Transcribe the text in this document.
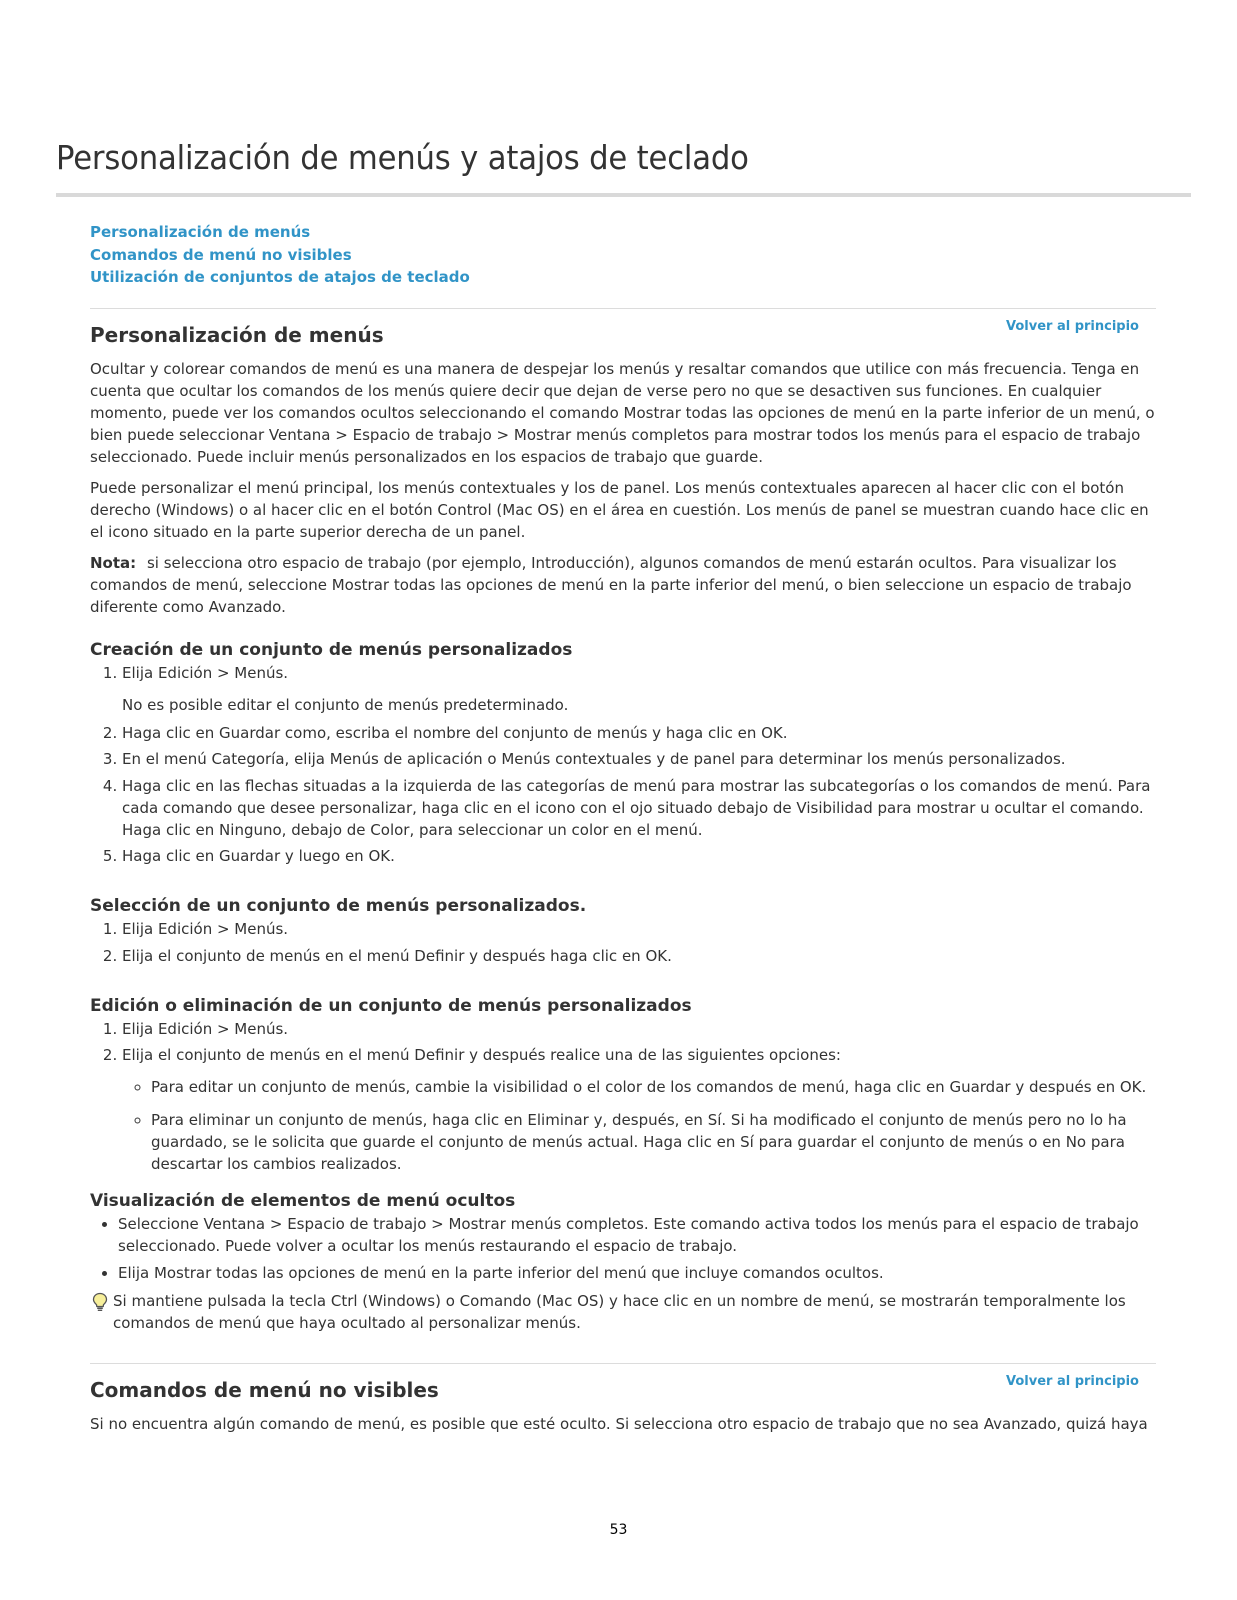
Personalización de menús y atajos de teclado
Personalización de menús
Comandos de menú no visibles
Utilización de conjuntos de atajos de teclado
Volver al principio
Personalización de menús

Ocultar y colorear comandos de menú es una manera de despejar los menús y resaltar comandos que utilice con más frecuencia. Tenga en cuenta que ocultar los comandos de los menús quiere decir que dejan de verse pero no que se desactiven sus funciones. En cualquier momento, puede ver los comandos ocultos seleccionando el comando Mostrar todas las opciones de menú en la parte inferior de un menú, o bien puede seleccionar Ventana > Espacio de trabajo > Mostrar menús completos para mostrar todos los menús para el espacio de trabajo seleccionado. Puede incluir menús personalizados en los espacios de trabajo que guarde.

Puede personalizar el menú principal, los menús contextuales y los de panel. Los menús contextuales aparecen al hacer clic con el botón derecho (Windows) o al hacer clic en el botón Control (Mac OS) en el área en cuestión. Los menús de panel se muestran cuando hace clic en el icono situado en la parte superior derecha de un panel.

Nota: si selecciona otro espacio de trabajo (por ejemplo, Introducción), algunos comandos de menú estarán ocultos. Para visualizar los comandos de menú, seleccione Mostrar todas las opciones de menú en la parte inferior del menú, o bien seleccione un espacio de trabajo diferente como Avanzado.

Creación de un conjunto de menús personalizados
1. Elija Edición > Menús.
No es posible editar el conjunto de menús predeterminado.
2. Haga clic en Guardar como, escriba el nombre del conjunto de menús y haga clic en OK.
3. En el menú Categoría, elija Menús de aplicación o Menús contextuales y de panel para determinar los menús personalizados.
4. Haga clic en las flechas situadas a la izquierda de las categorías de menú para mostrar las subcategorías o los comandos de menú. Para cada comando que desee personalizar, haga clic en el icono con el ojo situado debajo de Visibilidad para mostrar u ocultar el comando. Haga clic en Ninguno, debajo de Color, para seleccionar un color en el menú.
5. Haga clic en Guardar y luego en OK.
Selección de un conjunto de menús personalizados.
1. Elija Edición > Menús.
2. Elija el conjunto de menús en el menú Definir y después haga clic en OK.
Edición o eliminación de un conjunto de menús personalizados
1. Elija Edición > Menús.
2. Elija el conjunto de menús en el menú Definir y después realice una de las siguientes opciones:
◦ Para editar un conjunto de menús, cambie la visibilidad o el color de los comandos de menú, haga clic en Guardar y después en OK.
◦ Para eliminar un conjunto de menús, haga clic en Eliminar y, después, en Sí. Si ha modificado el conjunto de menús pero no lo ha guardado, se le solicita que guarde el conjunto de menús actual. Haga clic en Sí para guardar el conjunto de menús o en No para descartar los cambios realizados.
Visualización de elementos de menú ocultos
• Seleccione Ventana > Espacio de trabajo > Mostrar menús completos. Este comando activa todos los menús para el espacio de trabajo seleccionado. Puede volver a ocultar los menús restaurando el espacio de trabajo.
• Elija Mostrar todas las opciones de menú en la parte inferior del menú que incluye comandos ocultos.
Si mantiene pulsada la tecla Ctrl (Windows) o Comando (Mac OS) y hace clic en un nombre de menú, se mostrarán temporalmente los comandos de menú que haya ocultado al personalizar menús.
Volver al principio
Comandos de menú no visibles

Si no encuentra algún comando de menú, es posible que esté oculto. Si selecciona otro espacio de trabajo que no sea Avanzado, quizá haya

53
